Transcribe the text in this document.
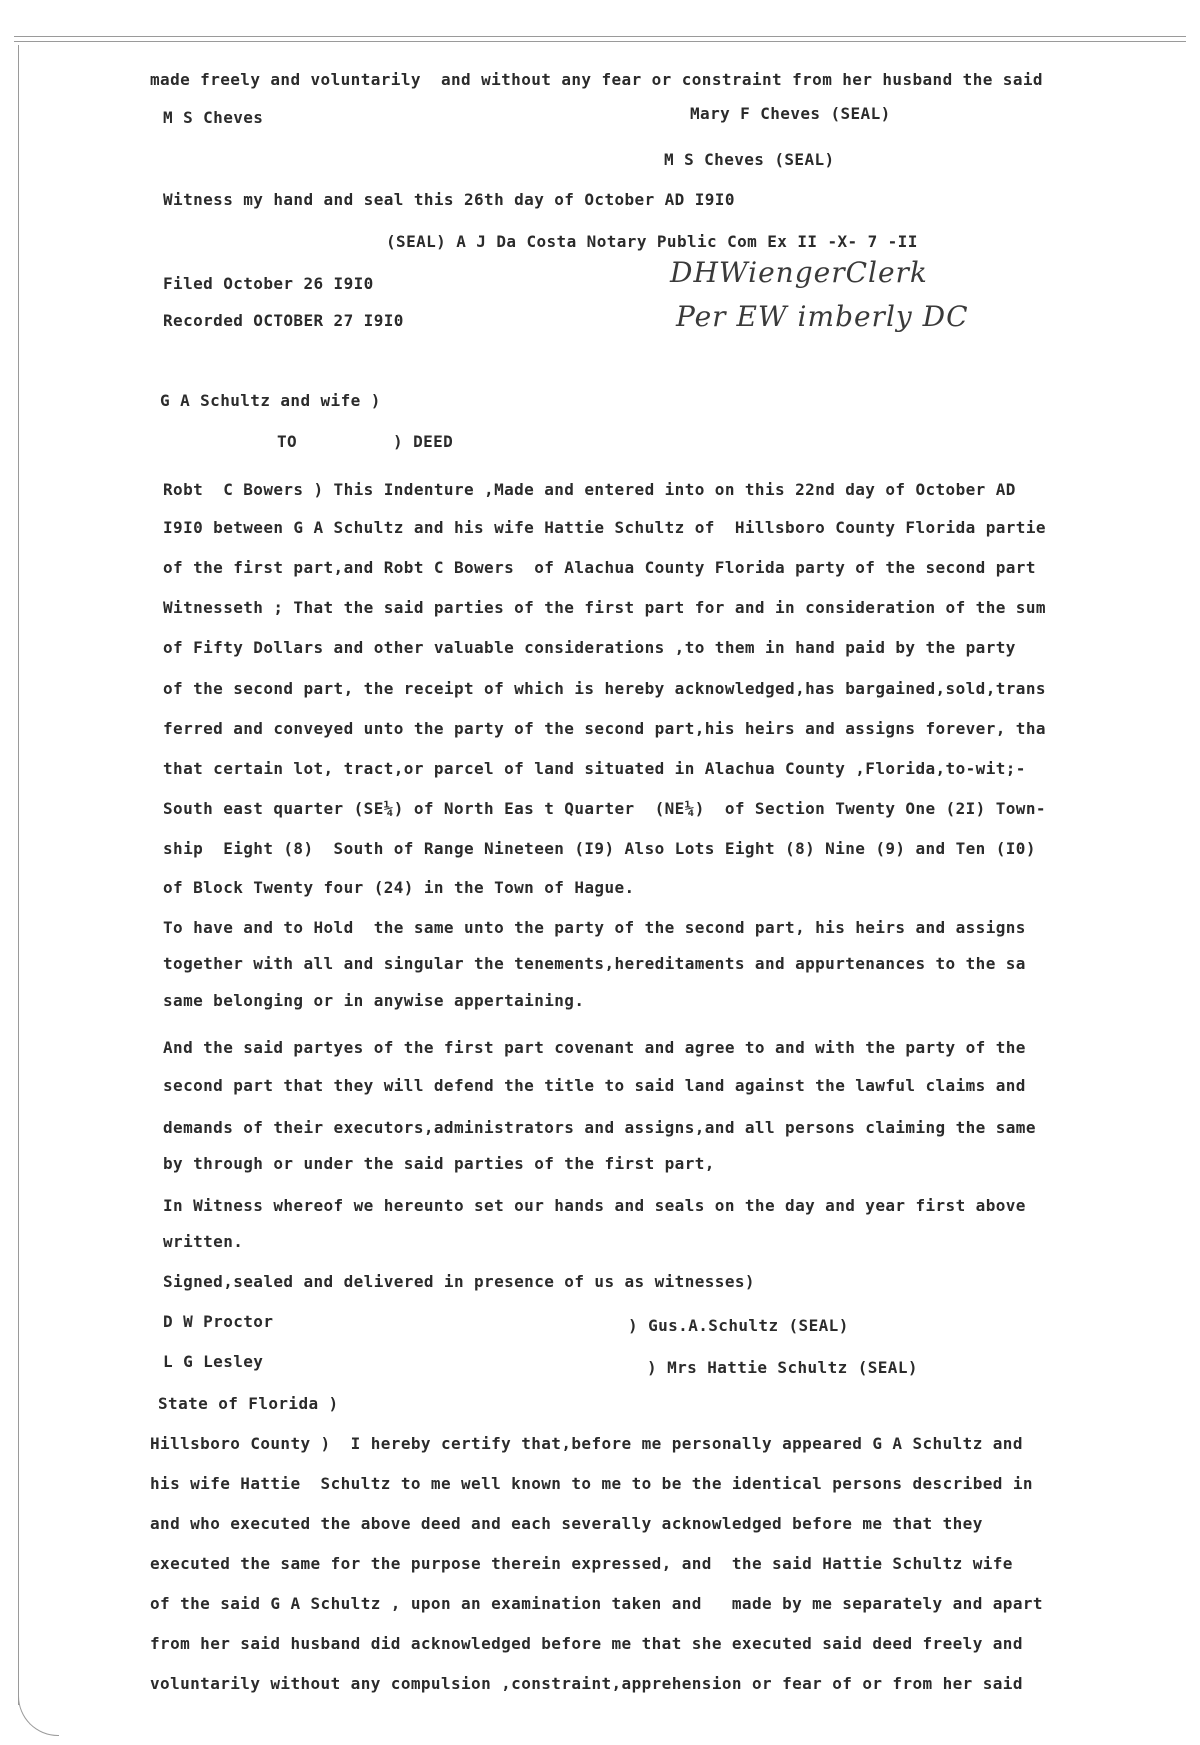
made freely and voluntarily  and without any fear or constraint from her husband the said
M S Cheves	Mary F Cheves (SEAL)
M S Cheves (SEAL)
Witness my hand and seal this 26th day of October AD I9I0
(SEAL) A J Da Costa Notary Public Com Ex II -X- 7 -II
Filed October 26 I9I0
Recorded OCTOBER 27 I9I0
DHWiengerClerk
Per EW imberly DC
G A Schultz and wife )
TO	) DEED
Robt  C Bowers ) This Indenture ,Made and entered into on this 22nd day of October AD
I9I0 between G A Schultz and his wife Hattie Schultz of  Hillsboro County Florida partie
of the first part,and Robt C Bowers  of Alachua County Florida party of the second part
Witnesseth ; That the said parties of the first part for and in consideration of the sum
of Fifty Dollars and other valuable considerations ,to them in hand paid by the party
of the second part, the receipt of which is hereby acknowledged,has bargained,sold,trans
ferred and conveyed unto the party of the second part,his heirs and assigns forever, tha
that certain lot, tract,or parcel of land situated in Alachua County ,Florida,to-wit;-
South east quarter (SE¼) of North Eas t Quarter  (NE¼)  of Section Twenty One (2I) Town-
ship  Eight (8)  South of Range Nineteen (I9) Also Lots Eight (8) Nine (9) and Ten (I0)
of Block Twenty four (24) in the Town of Hague.
To have and to Hold  the same unto the party of the second part, his heirs and assigns
together with all and singular the tenements,hereditaments and appurtenances to the sa
same belonging or in anywise appertaining.
And the said partyes of the first part covenant and agree to and with the party of the
second part that they will defend the title to said land against the lawful claims and
demands of their executors,administrators and assigns,and all persons claiming the same
by through or under the said parties of the first part,
In Witness whereof we hereunto set our hands and seals on the day and year first above
written.
Signed,sealed and delivered in presence of us as witnesses)
D W Proctor	) Gus.A.Schultz (SEAL)
L G Lesley	) Mrs Hattie Schultz (SEAL)
State of Florida )
Hillsboro County )  I hereby certify that,before me personally appeared G A Schultz and
his wife Hattie  Schultz to me well known to me to be the identical persons described in
and who executed the above deed and each severally acknowledged before me that they
executed the same for the purpose therein expressed, and  the said Hattie Schultz wife
of the said G A Schultz , upon an examination taken and   made by me separately and apart
from her said husband did acknowledged before me that she executed said deed freely and
voluntarily without any compulsion ,constraint,apprehension or fear of or from her said
